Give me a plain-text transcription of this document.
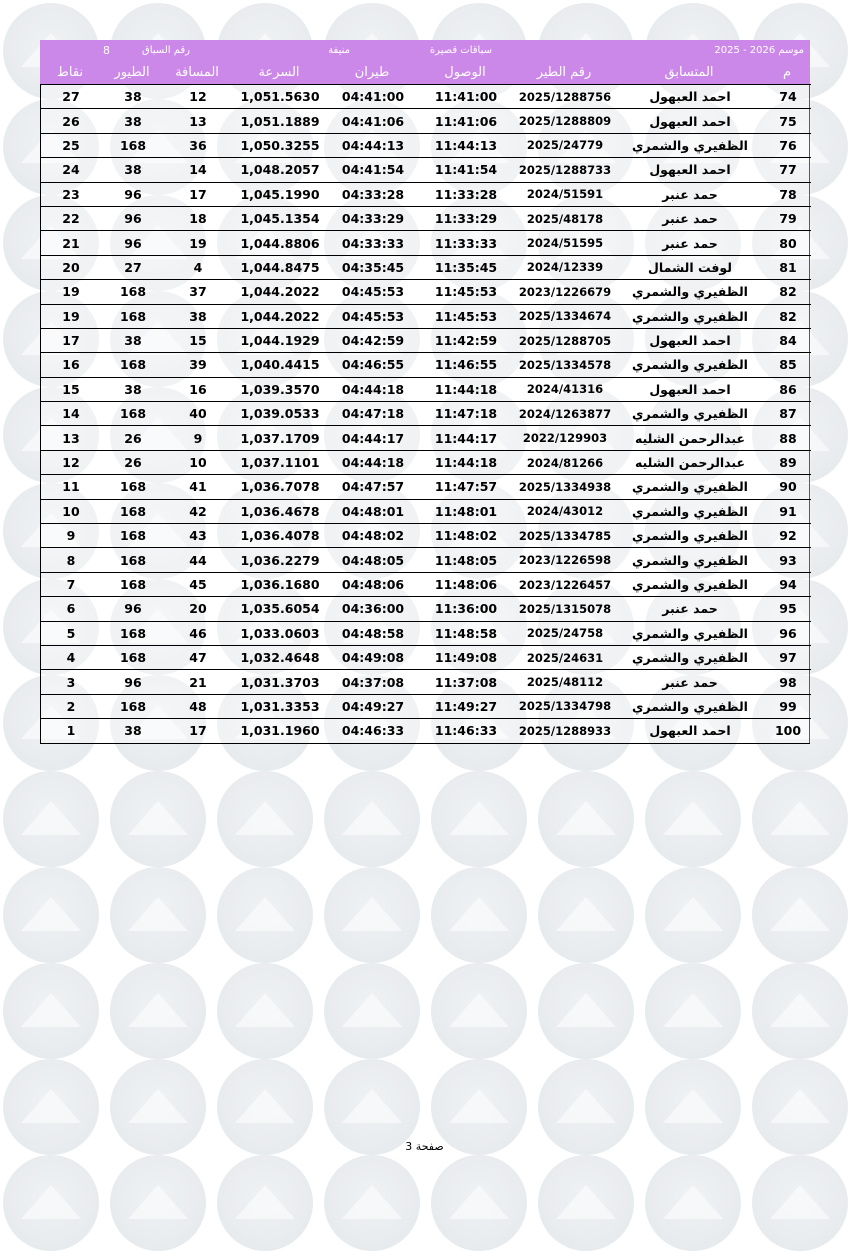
موسم 2026 - 2025
سباقات قصيرة
منيفة
رقم السباق
8
م
المتسابق
رقم الطير
الوصول
طيران
السرعة
المسافة
الطيور
نقاط
74
احمد العبهول
2025/1288756
11:41:00
04:41:00
1,051.5630
12
38
27
75
احمد العبهول
2025/1288809
11:41:06
04:41:06
1,051.1889
13
38
26
76
الظفيري والشمري
2025/24779
11:44:13
04:44:13
1,050.3255
36
168
25
77
احمد العبهول
2025/1288733
11:41:54
04:41:54
1,048.2057
14
38
24
78
حمد عنبر
2024/51591
11:33:28
04:33:28
1,045.1990
17
96
23
79
حمد عنبر
2025/48178
11:33:29
04:33:29
1,045.1354
18
96
22
80
حمد عنبر
2024/51595
11:33:33
04:33:33
1,044.8806
19
96
21
81
لوفت الشمال
2024/12339
11:35:45
04:35:45
1,044.8475
4
27
20
82
الظفيري والشمري
2023/1226679
11:45:53
04:45:53
1,044.2022
37
168
19
82
الظفيري والشمري
2025/1334674
11:45:53
04:45:53
1,044.2022
38
168
19
84
احمد العبهول
2025/1288705
11:42:59
04:42:59
1,044.1929
15
38
17
85
الظفيري والشمري
2025/1334578
11:46:55
04:46:55
1,040.4415
39
168
16
86
احمد العبهول
2024/41316
11:44:18
04:44:18
1,039.3570
16
38
15
87
الظفيري والشمري
2024/1263877
11:47:18
04:47:18
1,039.0533
40
168
14
88
عبدالرحمن الشليه
2022/129903
11:44:17
04:44:17
1,037.1709
9
26
13
89
عبدالرحمن الشليه
2024/81266
11:44:18
04:44:18
1,037.1101
10
26
12
90
الظفيري والشمري
2025/1334938
11:47:57
04:47:57
1,036.7078
41
168
11
91
الظفيري والشمري
2024/43012
11:48:01
04:48:01
1,036.4678
42
168
10
92
الظفيري والشمري
2025/1334785
11:48:02
04:48:02
1,036.4078
43
168
9
93
الظفيري والشمري
2023/1226598
11:48:05
04:48:05
1,036.2279
44
168
8
94
الظفيري والشمري
2023/1226457
11:48:06
04:48:06
1,036.1680
45
168
7
95
حمد عنبر
2025/1315078
11:36:00
04:36:00
1,035.6054
20
96
6
96
الظفيري والشمري
2025/24758
11:48:58
04:48:58
1,033.0603
46
168
5
97
الظفيري والشمري
2025/24631
11:49:08
04:49:08
1,032.4648
47
168
4
98
حمد عنبر
2025/48112
11:37:08
04:37:08
1,031.3703
21
96
3
99
الظفيري والشمري
2025/1334798
11:49:27
04:49:27
1,031.3353
48
168
2
100
احمد العبهول
2025/1288933
11:46:33
04:46:33
1,031.1960
17
38
1
صفحة 3
